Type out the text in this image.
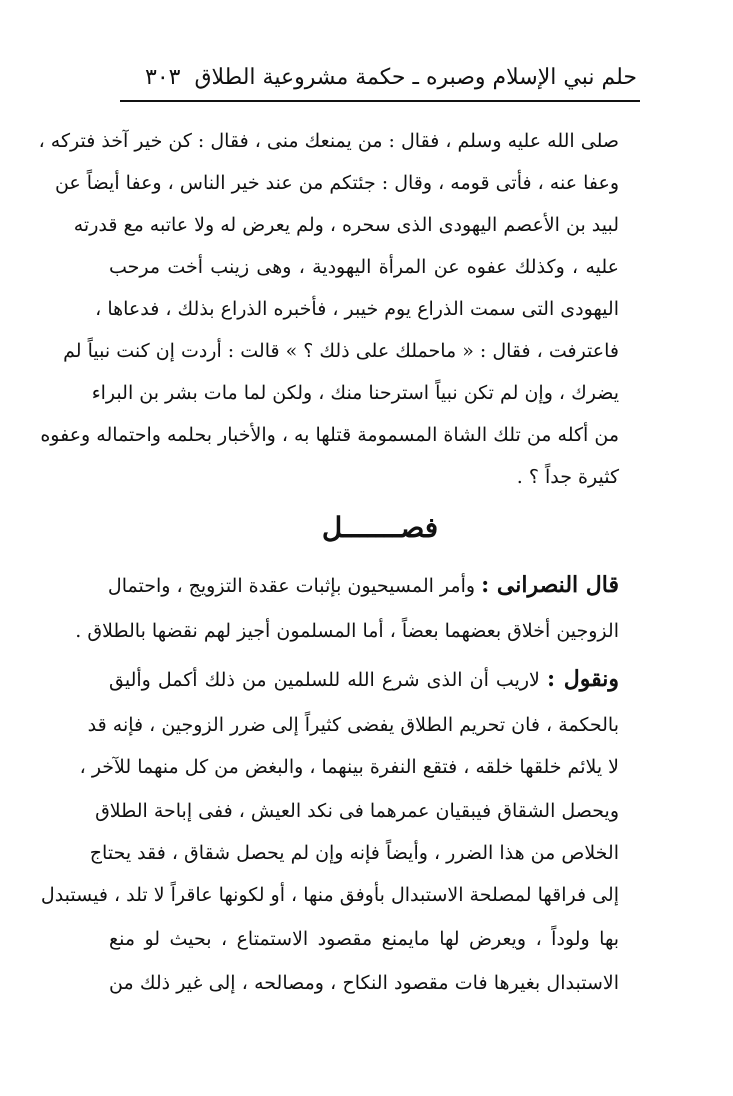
حلم نبي الإسلام وصبره ـ حكمة مشروعية الطلاق
٣٠٣
صلى الله عليه وسلم ، فقال : من يمنعك منى ، فقال : كن خير آخذ فتركه ،
وعفا عنه ، فأتى قومه ، وقال : جئتكم من عند خير الناس ، وعفا أيضاً عن
لبيد بن الأعصم اليهودى الذى سحره ، ولم يعرض له ولا عاتبه مع قدرته
عليه ، وكذلك عفوه عن المرأة اليهودية ، وهى زينب أخت مرحب
اليهودى التى سمت الذراع يوم خيبر ، فأخبره الذراع بذلك ، فدعاها ،
فاعترفت ، فقال : « ماحملك على ذلك ؟ » قالت : أردت إن كنت نبياً لم
يضرك ، وإن لم تكن نبياً استرحنا منك ، ولكن لما مات بشر بن البراء
من أكله من تلك الشاة المسمومة قتلها به ، والأخبار بحلمه واحتماله وعفوه
كثيرة جداً ؟ .
فصـــــــل
قال النصرانى : وأمر المسيحيون بإثبات عقدة التزويج ، واحتمال
الزوجين أخلاق بعضهما بعضاً ، أما المسلمون أجيز لهم نقضها بالطلاق .
ونقول : لاريب أن الذى شرع الله للسلمين من ذلك أكمل وأليق
بالحكمة ، فان تحريم الطلاق يفضى كثيراً إلى ضرر الزوجين ، فإنه قد
لا يلائم خلقها خلقه ، فتقع النفرة بينهما ، والبغض من كل منهما للآخر ،
ويحصل الشقاق فيبقيان عمرهما فى نكد العيش ، ففى إباحة الطلاق
الخلاص من هذا الضرر ، وأيضاً فإنه وإن لم يحصل شقاق ، فقد يحتاج
إلى فراقها لمصلحة الاستبدال بأوفق منها ، أو لكونها عاقراً لا تلد ، فيستبدل
بها ولوداً ، ويعرض لها مايمنع مقصود الاستمتاع ، بحيث لو منع
الاستبدال بغيرها فات مقصود النكاح ، ومصالحه ، إلى غير ذلك من
